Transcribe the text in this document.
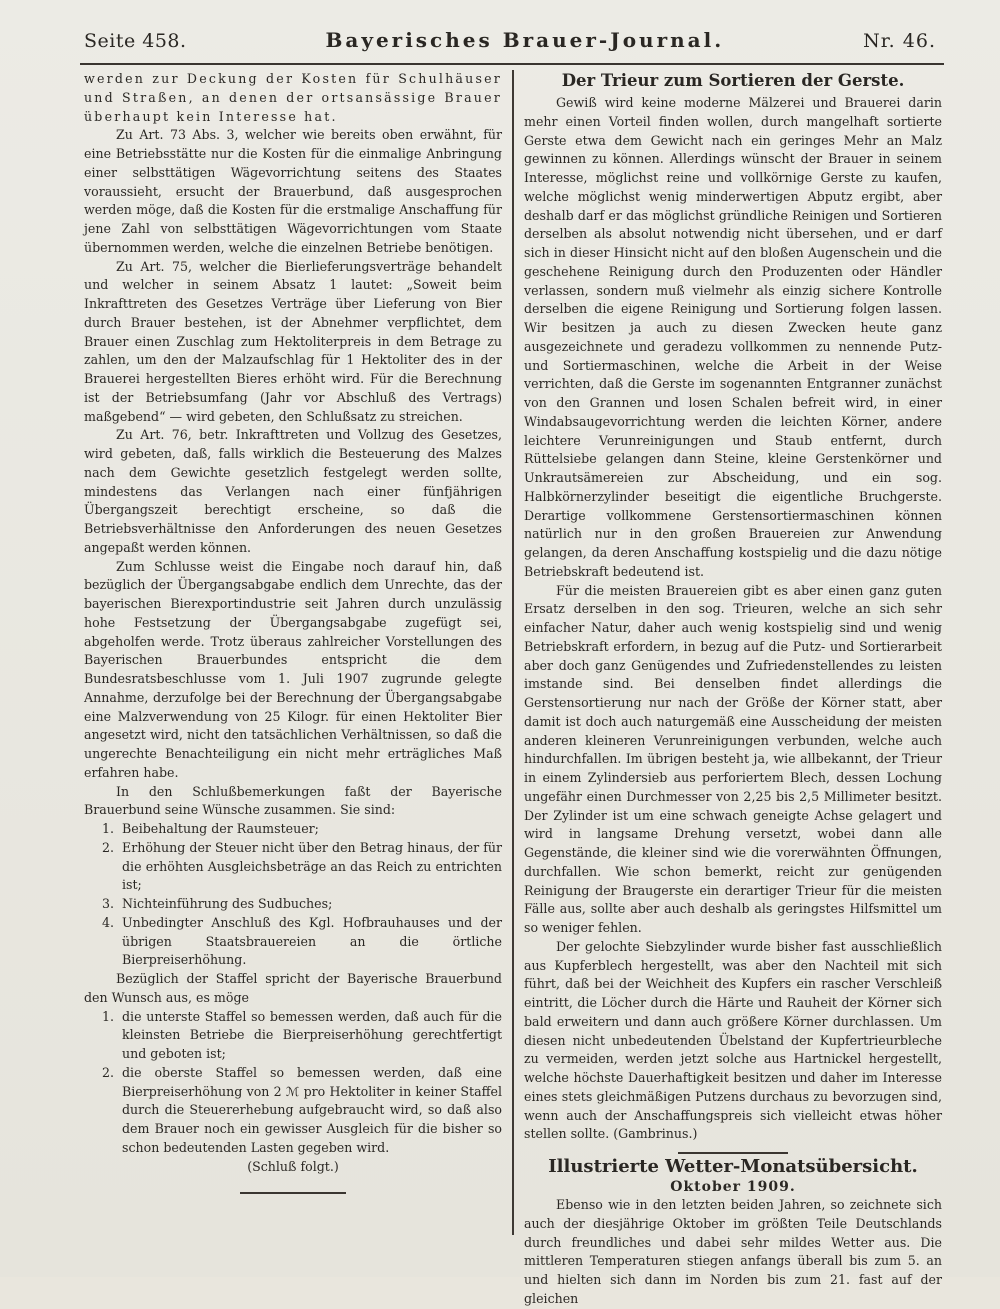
Seite 458.	Bayerisches Brauer-Journal.	Nr. 46.

werden zur Deckung der Kosten für Schulhäuser und Straßen, an denen der ortsansässige Brauer überhaupt kein Interesse hat.

Zu Art. 73 Abs. 3, welcher wie bereits oben erwähnt, für eine Betriebsstätte nur die Kosten für die einmalige Anbringung einer selbsttätigen Wägevorrichtung seitens des Staates voraussieht, ersucht der Brauerbund, daß ausgesprochen werden möge, daß die Kosten für die erstmalige Anschaffung für jene Zahl von selbsttätigen Wägevorrichtungen vom Staate übernommen werden, welche die einzelnen Betriebe benötigen.

Zu Art. 75, welcher die Bierlieferungsverträge behandelt und welcher in seinem Absatz 1 lautet: „Soweit beim Inkrafttreten des Gesetzes Verträge über Lieferung von Bier durch Brauer bestehen, ist der Abnehmer verpflichtet, dem Brauer einen Zuschlag zum Hektoliterpreis in dem Betrage zu zahlen, um den der Malzaufschlag für 1 Hektoliter des in der Brauerei hergestellten Bieres erhöht wird. Für die Berechnung ist der Betriebsumfang (Jahr vor Abschluß des Vertrags) maßgebend“ — wird gebeten, den Schlußsatz zu streichen.

Zu Art. 76, betr. Inkrafttreten und Vollzug des Gesetzes, wird gebeten, daß, falls wirklich die Besteuerung des Malzes nach dem Gewichte gesetzlich festgelegt werden sollte, mindestens das Verlangen nach einer fünfjährigen Übergangszeit berechtigt erscheine, so daß die Betriebsverhältnisse den Anforderungen des neuen Gesetzes angepaßt werden können.

Zum Schlusse weist die Eingabe noch darauf hin, daß bezüglich der Übergangsabgabe endlich dem Unrechte, das der bayerischen Bierexportindustrie seit Jahren durch unzulässig hohe Festsetzung der Übergangsabgabe zugefügt sei, abgeholfen werde. Trotz überaus zahlreicher Vorstellungen des Bayerischen Brauerbundes entspricht die dem Bundesratsbeschlusse vom 1. Juli 1907 zugrunde gelegte Annahme, derzufolge bei der Berechnung der Übergangsabgabe eine Malzverwendung von 25 Kilogr. für einen Hektoliter Bier angesetzt wird, nicht den tatsächlichen Verhältnissen, so daß die ungerechte Benachteiligung ein nicht mehr erträgliches Maß erfahren habe.

In den Schlußbemerkungen faßt der Bayerische Brauerbund seine Wünsche zusammen. Sie sind:

1. Beibehaltung der Raumsteuer;
2. Erhöhung der Steuer nicht über den Betrag hinaus, der für die erhöhten Ausgleichsbeträge an das Reich zu entrichten ist;
3. Nichteinführung des Sudbuches;
4. Unbedingter Anschluß des Kgl. Hofbrauhauses und der übrigen Staatsbrauereien an die örtliche Bierpreiserhöhung.

Bezüglich der Staffel spricht der Bayerische Brauerbund den Wunsch aus, es möge

1. die unterste Staffel so bemessen werden, daß auch für die kleinsten Betriebe die Bierpreiserhöhung gerechtfertigt und geboten ist;
2. die oberste Staffel so bemessen werden, daß eine Bierpreiserhöhung von 2 ℳ pro Hektoliter in keiner Staffel durch die Steuererhebung aufgebraucht wird, so daß also dem Brauer noch ein gewisser Ausgleich für die bisher so schon bedeutenden Lasten gegeben wird.

(Schluß folgt.)

Der Trieur zum Sortieren der Gerste.

Gewiß wird keine moderne Mälzerei und Brauerei darin mehr einen Vorteil finden wollen, durch mangelhaft sortierte Gerste etwa dem Gewicht nach ein geringes Mehr an Malz gewinnen zu können. Allerdings wünscht der Brauer in seinem Interesse, möglichst reine und vollkörnige Gerste zu kaufen, welche möglichst wenig minderwertigen Abputz ergibt, aber deshalb darf er das möglichst gründliche Reinigen und Sortieren derselben als absolut notwendig nicht übersehen, und er darf sich in dieser Hinsicht nicht auf den bloßen Augenschein und die geschehene Reinigung durch den Produzenten oder Händler verlassen, sondern muß vielmehr als einzig sichere Kontrolle derselben die eigene Reinigung und Sortierung folgen lassen. Wir besitzen ja auch zu diesen Zwecken heute ganz ausgezeichnete und geradezu vollkommen zu nennende Putz- und Sortiermaschinen, welche die Arbeit in der Weise verrichten, daß die Gerste im sogenannten Entgranner zunächst von den Grannen und losen Schalen befreit wird, in einer Windabsaugevorrichtung werden die leichten Körner, andere leichtere Verunreinigungen und Staub entfernt, durch Rüttelsiebe gelangen dann Steine, kleine Gerstenkörner und Unkrautsämereien zur Abscheidung, und ein sog. Halbkörnerzylinder beseitigt die eigentliche Bruchgerste. Derartige vollkommene Gerstensortiermaschinen können natürlich nur in den großen Brauereien zur Anwendung gelangen, da deren Anschaffung kostspielig und die dazu nötige Betriebskraft bedeutend ist.

Für die meisten Brauereien gibt es aber einen ganz guten Ersatz derselben in den sog. Trieuren, welche an sich sehr einfacher Natur, daher auch wenig kostspielig sind und wenig Betriebskraft erfordern, in bezug auf die Putz- und Sortierarbeit aber doch ganz Genügendes und Zufriedenstellendes zu leisten imstande sind. Bei denselben findet allerdings die Gerstensortierung nur nach der Größe der Körner statt, aber damit ist doch auch naturgemäß eine Ausscheidung der meisten anderen kleineren Verunreinigungen verbunden, welche auch hindurchfallen. Im übrigen besteht ja, wie allbekannt, der Trieur in einem Zylindersieb aus perforiertem Blech, dessen Lochung ungefähr einen Durchmesser von 2,25 bis 2,5 Millimeter besitzt. Der Zylinder ist um eine schwach geneigte Achse gelagert und wird in langsame Drehung versetzt, wobei dann alle Gegenstände, die kleiner sind wie die vorerwähnten Öffnungen, durchfallen. Wie schon bemerkt, reicht zur genügenden Reinigung der Braugerste ein derartiger Trieur für die meisten Fälle aus, sollte aber auch deshalb als geringstes Hilfsmittel um so weniger fehlen.

Der gelochte Siebzylinder wurde bisher fast ausschließlich aus Kupferblech hergestellt, was aber den Nachteil mit sich führt, daß bei der Weichheit des Kupfers ein rascher Verschleiß eintritt, die Löcher durch die Härte und Rauheit der Körner sich bald erweitern und dann auch größere Körner durchlassen. Um diesen nicht unbedeutenden Übelstand der Kupfertrieurbleche zu vermeiden, werden jetzt solche aus Hartnickel hergestellt, welche höchste Dauerhaftigkeit besitzen und daher im Interesse eines stets gleichmäßigen Putzens durchaus zu bevorzugen sind, wenn auch der Anschaffungspreis sich vielleicht etwas höher stellen sollte. (Gambrinus.)

Illustrierte Wetter-Monatsübersicht.
Oktober 1909.

Ebenso wie in den letzten beiden Jahren, so zeichnete sich auch der diesjährige Oktober im größten Teile Deutschlands durch freundliches und dabei sehr mildes Wetter aus. Die mittleren Temperaturen stiegen anfangs überall bis zum 5. an und hielten sich dann im Norden bis zum 21. fast auf der gleichen
